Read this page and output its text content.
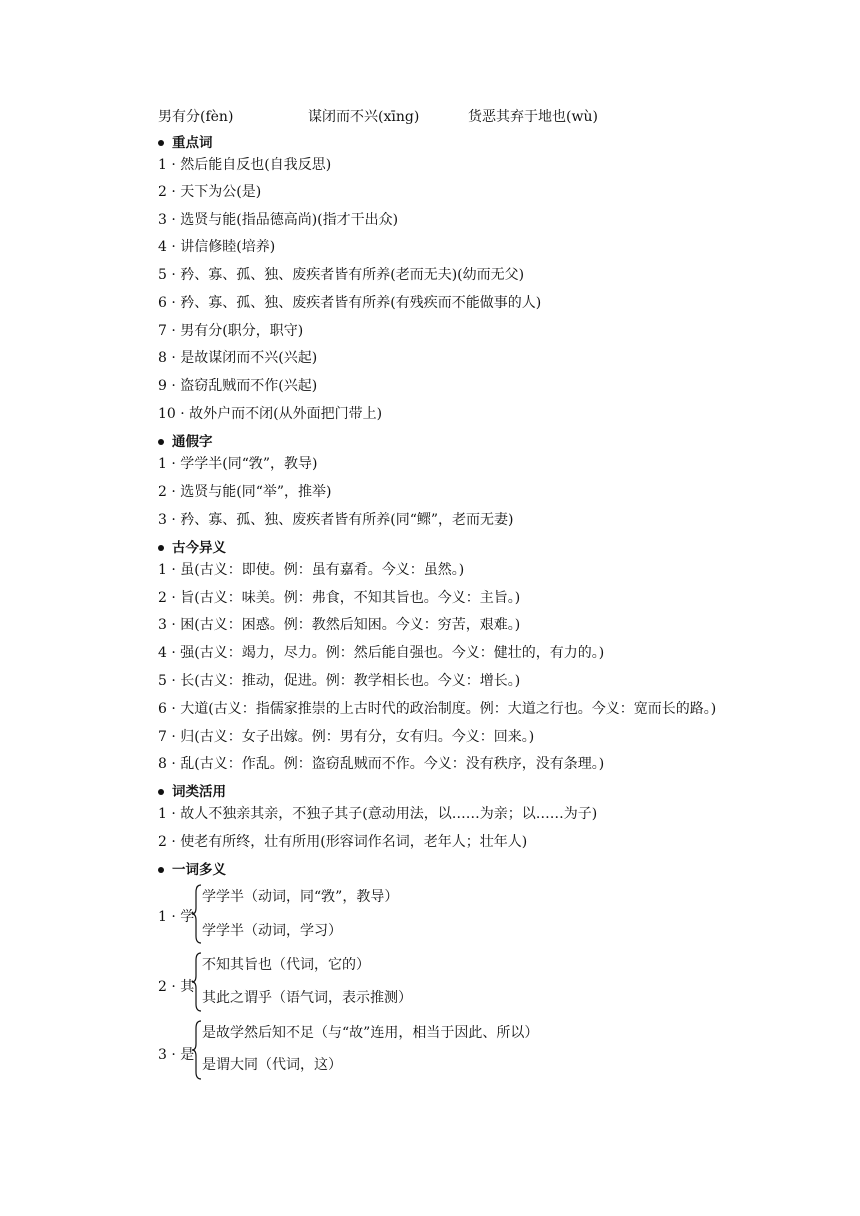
男有分(fèn)	谋闭而不兴(xīng)	货恶其弃于地也(wù)
重点词
1 · 然后能自反也(自我反思)
2 · 天下为公(是)
3 · 选贤与能(指品德高尚)(指才干出众)
4 · 讲信修睦(培养)
5 · 矜、寡、孤、独、废疾者皆有所养(老而无夫)(幼而无父)
6 · 矜、寡、孤、独、废疾者皆有所养(有残疾而不能做事的人)
7 · 男有分(职分，职守)
8 · 是故谋闭而不兴(兴起)
9 · 盗窃乱贼而不作(兴起)
10 · 故外户而不闭(从外面把门带上)
通假字
1 · 学学半(同“敩”，教导)
2 · 选贤与能(同“举”，推举)
3 · 矜、寡、孤、独、废疾者皆有所养(同“鳏”，老而无妻)
古今异义
1 · 虽(古义：即使。例：虽有嘉肴。今义：虽然。)
2 · 旨(古义：味美。例：弗食，不知其旨也。今义：主旨。)
3 · 困(古义：困惑。例：教然后知困。今义：穷苦，艰难。)
4 · 强(古义：竭力，尽力。例：然后能自强也。今义：健壮的，有力的。)
5 · 长(古义：推动，促进。例：教学相长也。今义：增长。)
6 · 大道(古义：指儒家推崇的上古时代的政治制度。例：大道之行也。今义：宽而长的路。)
7 · 归(古义：女子出嫁。例：男有分，女有归。今义：回来。)
8 · 乱(古义：作乱。例：盗窃乱贼而不作。今义：没有秩序，没有条理。)
词类活用
1 · 故人不独亲其亲，不独子其子(意动用法，以……为亲；以……为子)
2 · 使老有所终，壮有所用(形容词作名词，老年人；壮年人)
一词多义
1 · 学
学学半（动词，同“敩”，教导）
学学半（动词，学习）
2 · 其
不知其旨也（代词，它的）
其此之谓乎（语气词，表示推测）
3 · 是
是故学然后知不足（与“故”连用，相当于因此、所以）
是谓大同（代词，这）
